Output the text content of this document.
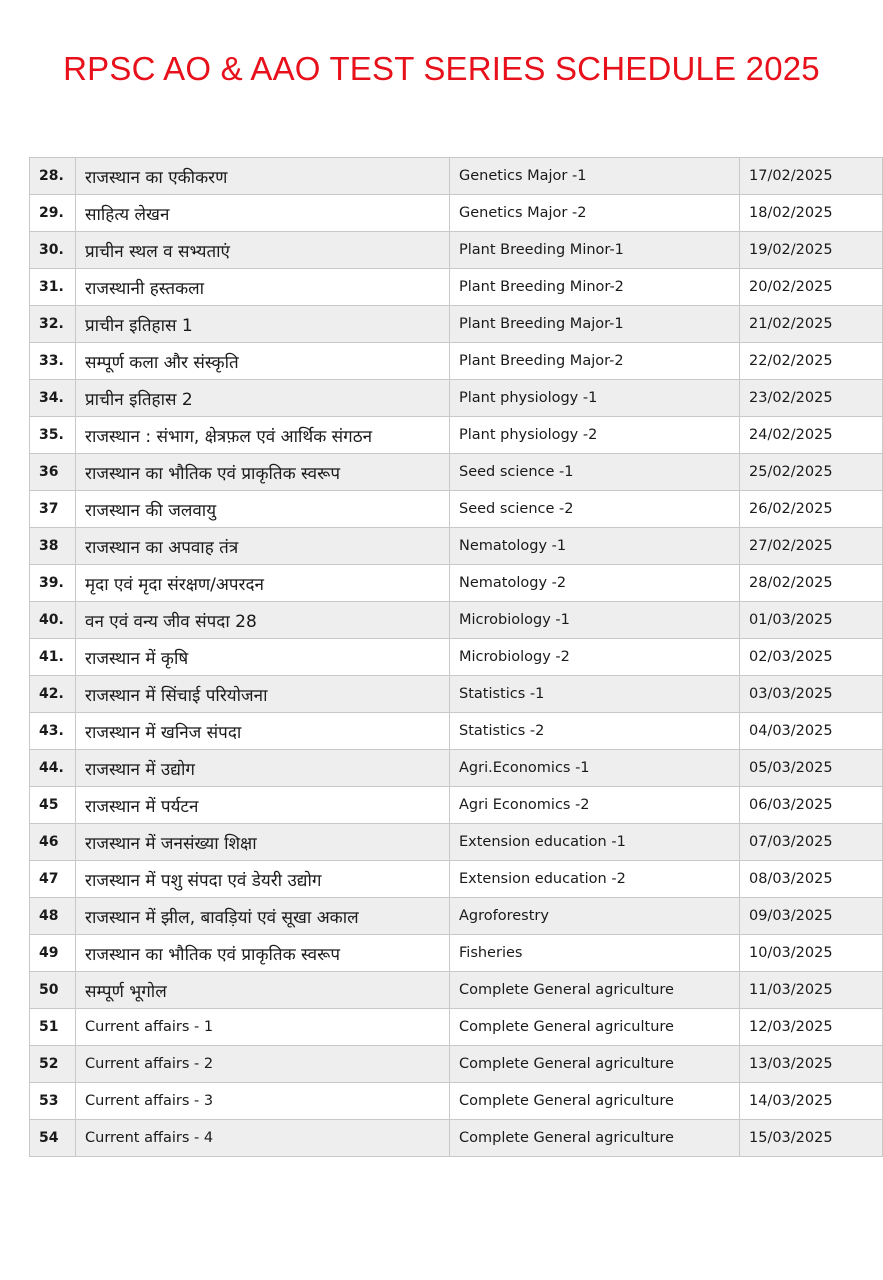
RPSC AO & AAO TEST SERIES SCHEDULE 2025
28.	राजस्थान का एकीकरण	Genetics Major -1	17/02/2025
29.	साहित्य लेखन	Genetics Major -2	18/02/2025
30.	प्राचीन स्थल व सभ्यताएं	Plant Breeding Minor-1	19/02/2025
31.	राजस्थानी हस्तकला	Plant Breeding Minor-2	20/02/2025
32.	प्राचीन इतिहास 1	Plant Breeding Major-1	21/02/2025
33.	सम्पूर्ण कला और संस्कृति	Plant Breeding Major-2	22/02/2025
34.	प्राचीन इतिहास 2	Plant physiology -1	23/02/2025
35.	राजस्थान : संभाग, क्षेत्रफ़ल एवं आर्थिक संगठन	Plant physiology -2	24/02/2025
36	राजस्थान का भौतिक एवं प्राकृतिक स्वरूप	Seed science -1	25/02/2025
37	राजस्थान की जलवायु	Seed science -2	26/02/2025
38	राजस्थान का अपवाह तंत्र	Nematology -1	27/02/2025
39.	मृदा एवं मृदा संरक्षण/अपरदन	Nematology -2	28/02/2025
40.	वन एवं वन्य जीव संपदा 28	Microbiology -1	01/03/2025
41.	राजस्थान में कृषि	Microbiology -2	02/03/2025
42.	राजस्थान में सिंचाई परियोजना	Statistics -1	03/03/2025
43.	राजस्थान में खनिज संपदा	Statistics -2	04/03/2025
44.	राजस्थान में उद्योग	Agri.Economics -1	05/03/2025
45	राजस्थान में पर्यटन	Agri Economics -2	06/03/2025
46	राजस्थान में जनसंख्या शिक्षा	Extension education -1	07/03/2025
47	राजस्थान में पशु संपदा एवं डेयरी उद्योग	Extension education -2	08/03/2025
48	राजस्थान में झील, बावड़ियां एवं सूखा अकाल	Agroforestry	09/03/2025
49	राजस्थान का भौतिक एवं प्राकृतिक स्वरूप	Fisheries	10/03/2025
50	सम्पूर्ण भूगोल	Complete General agriculture	11/03/2025
51	Current affairs - 1	Complete General agriculture	12/03/2025
52	Current affairs - 2	Complete General agriculture	13/03/2025
53	Current affairs - 3	Complete General agriculture	14/03/2025
54	Current affairs - 4	Complete General agriculture	15/03/2025
